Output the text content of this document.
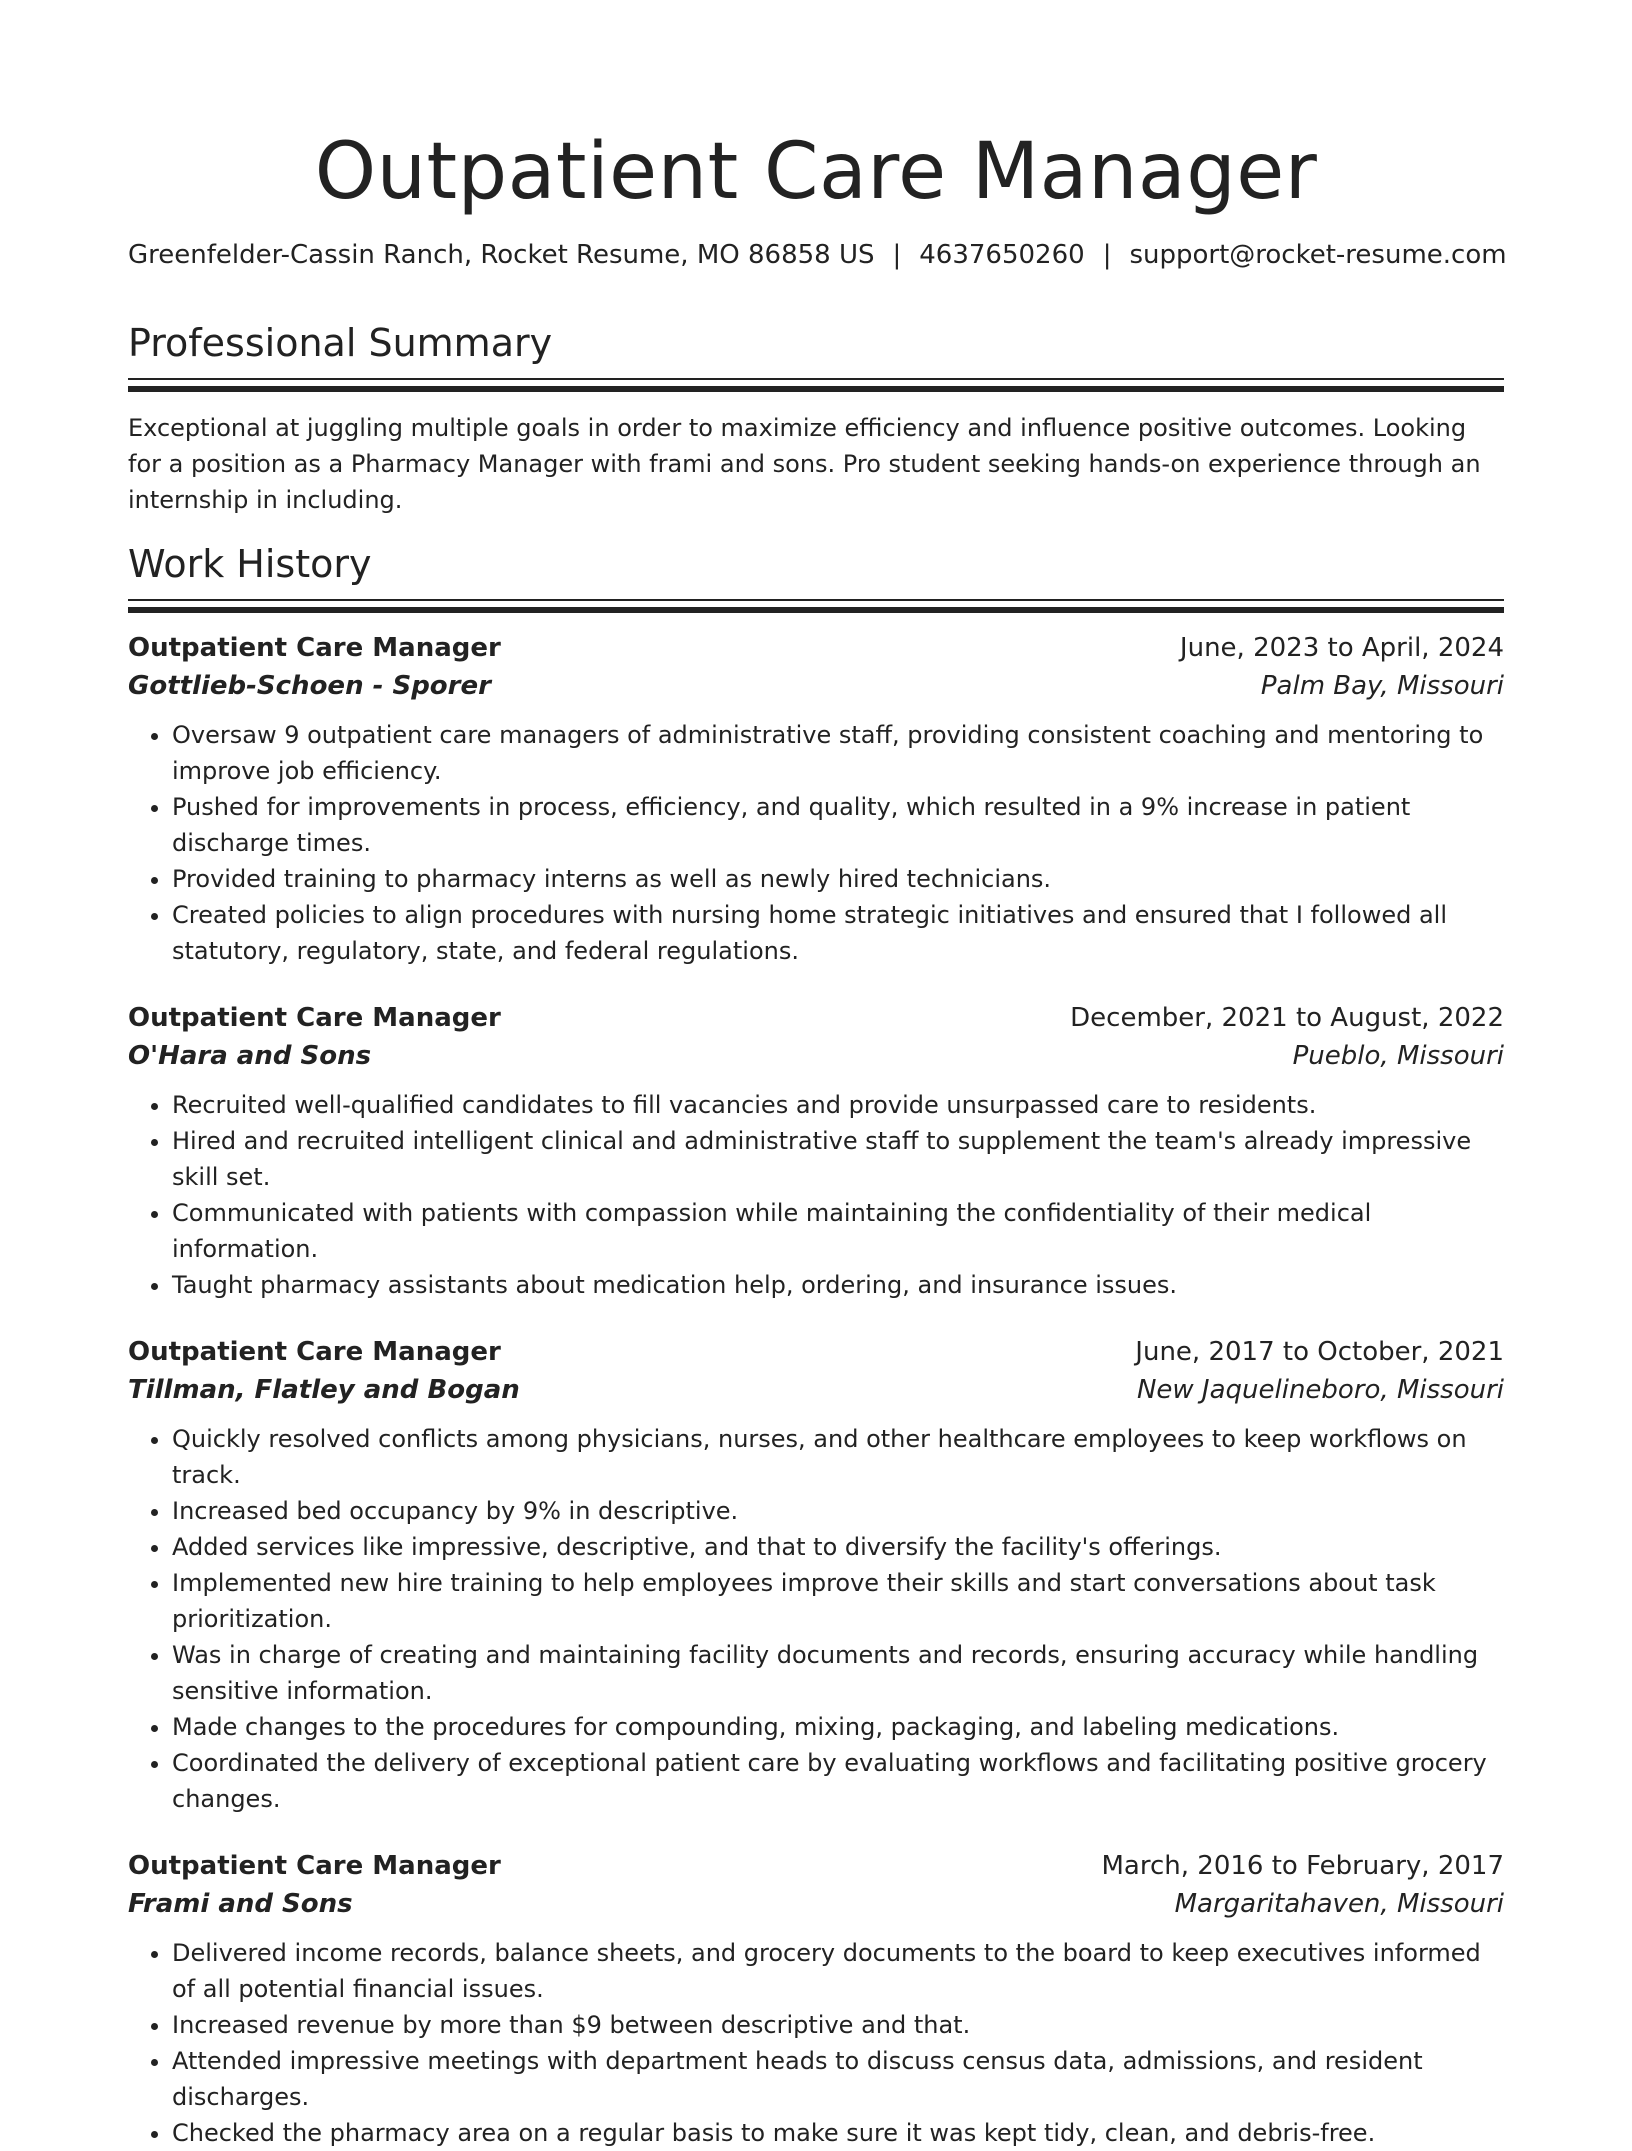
Outpatient Care Manager
Greenfelder-Cassin Ranch, Rocket Resume, MO 86858 US | 4637650260 | support@rocket-resume.com
Professional Summary

Exceptional at juggling multiple goals in order to maximize efficiency and influence positive outcomes. Looking for a position as a Pharmacy Manager with frami and sons. Pro student seeking hands-on experience through an internship in including.

Work History
Outpatient Care Manager	June, 2023 to April, 2024
Gottlieb-Schoen - Sporer	Palm Bay, Missouri
• Oversaw 9 outpatient care managers of administrative staff, providing consistent coaching and mentoring to improve job efficiency.
• Pushed for improvements in process, efficiency, and quality, which resulted in a 9% increase in patient discharge times.
• Provided training to pharmacy interns as well as newly hired technicians.
• Created policies to align procedures with nursing home strategic initiatives and ensured that I followed all statutory, regulatory, state, and federal regulations.
Outpatient Care Manager	December, 2021 to August, 2022
O'Hara and Sons	Pueblo, Missouri
• Recruited well-qualified candidates to fill vacancies and provide unsurpassed care to residents.
• Hired and recruited intelligent clinical and administrative staff to supplement the team's already impressive skill set.
• Communicated with patients with compassion while maintaining the confidentiality of their medical information.
• Taught pharmacy assistants about medication help, ordering, and insurance issues.
Outpatient Care Manager	June, 2017 to October, 2021
Tillman, Flatley and Bogan	New Jaquelineboro, Missouri
• Quickly resolved conflicts among physicians, nurses, and other healthcare employees to keep workflows on track.
• Increased bed occupancy by 9% in descriptive.
• Added services like impressive, descriptive, and that to diversify the facility's offerings.
• Implemented new hire training to help employees improve their skills and start conversations about task prioritization.
• Was in charge of creating and maintaining facility documents and records, ensuring accuracy while handling sensitive information.
• Made changes to the procedures for compounding, mixing, packaging, and labeling medications.
• Coordinated the delivery of exceptional patient care by evaluating workflows and facilitating positive grocery changes.
Outpatient Care Manager	March, 2016 to February, 2017
Frami and Sons	Margaritahaven, Missouri
• Delivered income records, balance sheets, and grocery documents to the board to keep executives informed of all potential financial issues.
• Increased revenue by more than $9 between descriptive and that.
• Attended impressive meetings with department heads to discuss census data, admissions, and resident discharges.
• Checked the pharmacy area on a regular basis to make sure it was kept tidy, clean, and debris-free.
